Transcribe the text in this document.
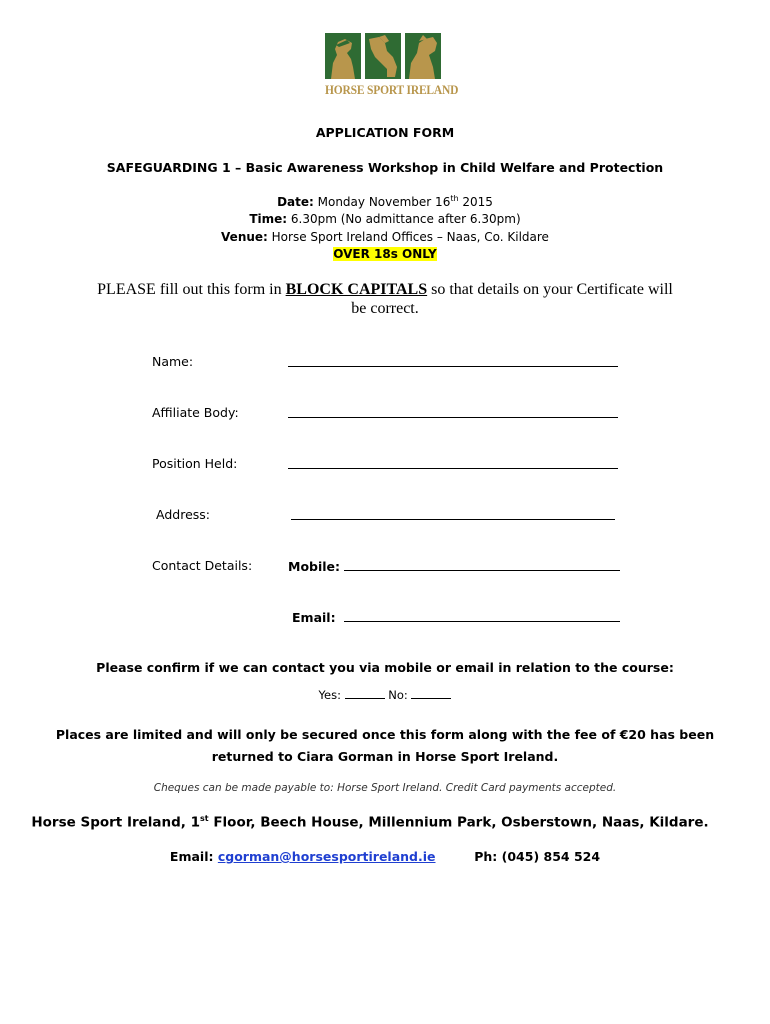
HORSE SPORT IRELAND
APPLICATION FORM
SAFEGUARDING 1 – Basic Awareness Workshop in Child Welfare and Protection
Date: Monday November 16th 2015
Time: 6.30pm (No admittance after 6.30pm)
Venue: Horse Sport Ireland Offices – Naas, Co. Kildare
OVER 18s ONLY
PLEASE fill out this form in BLOCK CAPITALS so that details on your Certificate will be correct.
Name:
Affiliate Body:
Position Held:
Address:
Contact Details:	Mobile:
Email:
Please confirm if we can contact you via mobile or email in relation to the course:
Yes:	No:
Places are limited and will only be secured once this form along with the fee of €20 has been
returned to Ciara Gorman in Horse Sport Ireland.
Cheques can be made payable to: Horse Sport Ireland. Credit Card payments accepted.
Horse Sport Ireland, 1st Floor, Beech House, Millennium Park, Osberstown, Naas, Kildare.
Email: cgorman@horsesportireland.ie	Ph: (045) 854 524
